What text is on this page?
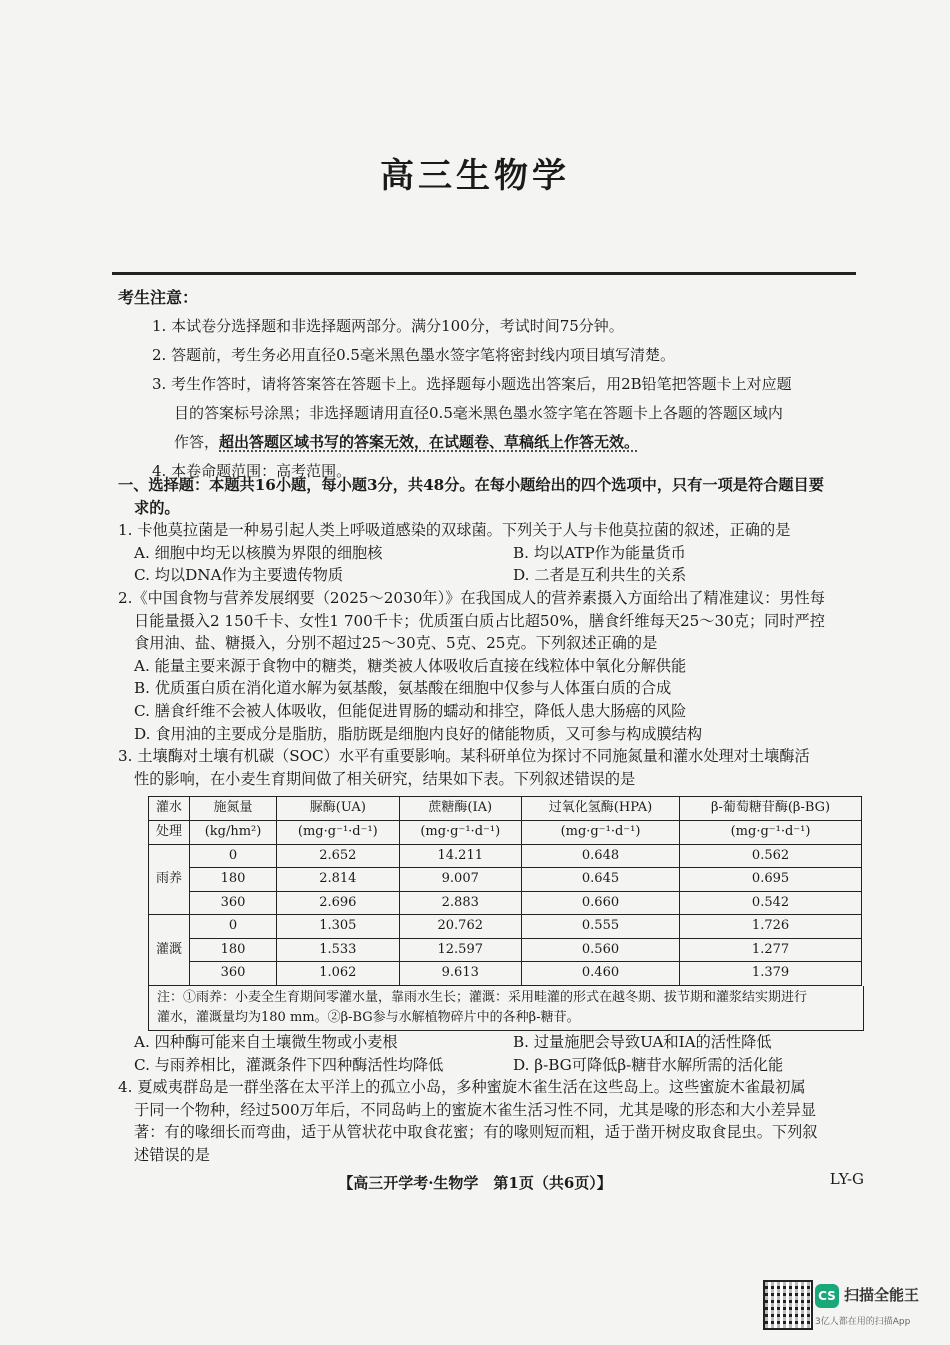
高三生物学

考生注意：

1. 本试卷分选择题和非选择题两部分。满分100分，考试时间75分钟。

2. 答题前，考生务必用直径0.5毫米黑色墨水签字笔将密封线内项目填写清楚。

3. 考生作答时，请将答案答在答题卡上。选择题每小题选出答案后，用2B铅笔把答题卡上对应题

目的答案标号涂黑；非选择题请用直径0.5毫米黑色墨水签字笔在答题卡上各题的答题区域内

作答，超出答题区域书写的答案无效，在试题卷、草稿纸上作答无效。

4. 本卷命题范围：高考范围。

一、选择题：本题共16小题，每小题3分，共48分。在每小题给出的四个选项中，只有一项是符合题目要

求的。

1. 卡他莫拉菌是一种易引起人类上呼吸道感染的双球菌。下列关于人与卡他莫拉菌的叙述，正确的是

A. 细胞中均无以核膜为界限的细胞核	B. 均以ATP作为能量货币
C. 均以DNA作为主要遗传物质	D. 二者是互利共生的关系

2.《中国食物与营养发展纲要（2025～2030年）》在我国成人的营养素摄入方面给出了精准建议：男性每

日能量摄入2 150千卡、女性1 700千卡；优质蛋白质占比超50%，膳食纤维每天25～30克；同时严控

食用油、盐、糖摄入，分别不超过25～30克、5克、25克。下列叙述正确的是

A. 能量主要来源于食物中的糖类，糖类被人体吸收后直接在线粒体中氧化分解供能

B. 优质蛋白质在消化道水解为氨基酸，氨基酸在细胞中仅参与人体蛋白质的合成

C. 膳食纤维不会被人体吸收，但能促进胃肠的蠕动和排空，降低人患大肠癌的风险

D. 食用油的主要成分是脂肪，脂肪既是细胞内良好的储能物质，又可参与构成膜结构

3. 土壤酶对土壤有机碳（SOC）水平有重要影响。某科研单位为探讨不同施氮量和灌水处理对土壤酶活

性的影响，在小麦生育期间做了相关研究，结果如下表。下列叙述错误的是

灌水	施氮量	脲酶(UA)	蔗糖酶(IA)	过氧化氢酶(HPA)	β-葡萄糖苷酶(β-BG)
处理	(kg/hm²)	(mg·g⁻¹·d⁻¹)	(mg·g⁻¹·d⁻¹)	(mg·g⁻¹·d⁻¹)	(mg·g⁻¹·d⁻¹)
雨养	0	2.652	14.211	0.648	0.562
	180	2.814	9.007	0.645	0.695
	360	2.696	2.883	0.660	0.542
灌溉	0	1.305	20.762	0.555	1.726
	180	1.533	12.597	0.560	1.277
	360	1.062	9.613	0.460	1.379
注：①雨养：小麦全生育期间零灌水量，靠雨水生长；灌溉：采用畦灌的形式在越冬期、拔节期和灌浆结实期进行
灌水，灌溉量均为180 mm。②β-BG参与水解植物碎片中的各种β-糖苷。
A. 四种酶可能来自土壤微生物或小麦根	B. 过量施肥会导致UA和IA的活性降低
C. 与雨养相比，灌溉条件下四种酶活性均降低	D. β-BG可降低β-糖苷水解所需的活化能

4. 夏威夷群岛是一群坐落在太平洋上的孤立小岛，多种蜜旋木雀生活在这些岛上。这些蜜旋木雀最初属

于同一个物种，经过500万年后，不同岛屿上的蜜旋木雀生活习性不同，尤其是喙的形态和大小差异显

著：有的喙细长而弯曲，适于从管状花中取食花蜜；有的喙则短而粗，适于凿开树皮取食昆虫。下列叙

述错误的是

【高三开学考·生物学　第1页（共6页）】	LY-G
CS 扫描全能王
3亿人都在用的扫描App
